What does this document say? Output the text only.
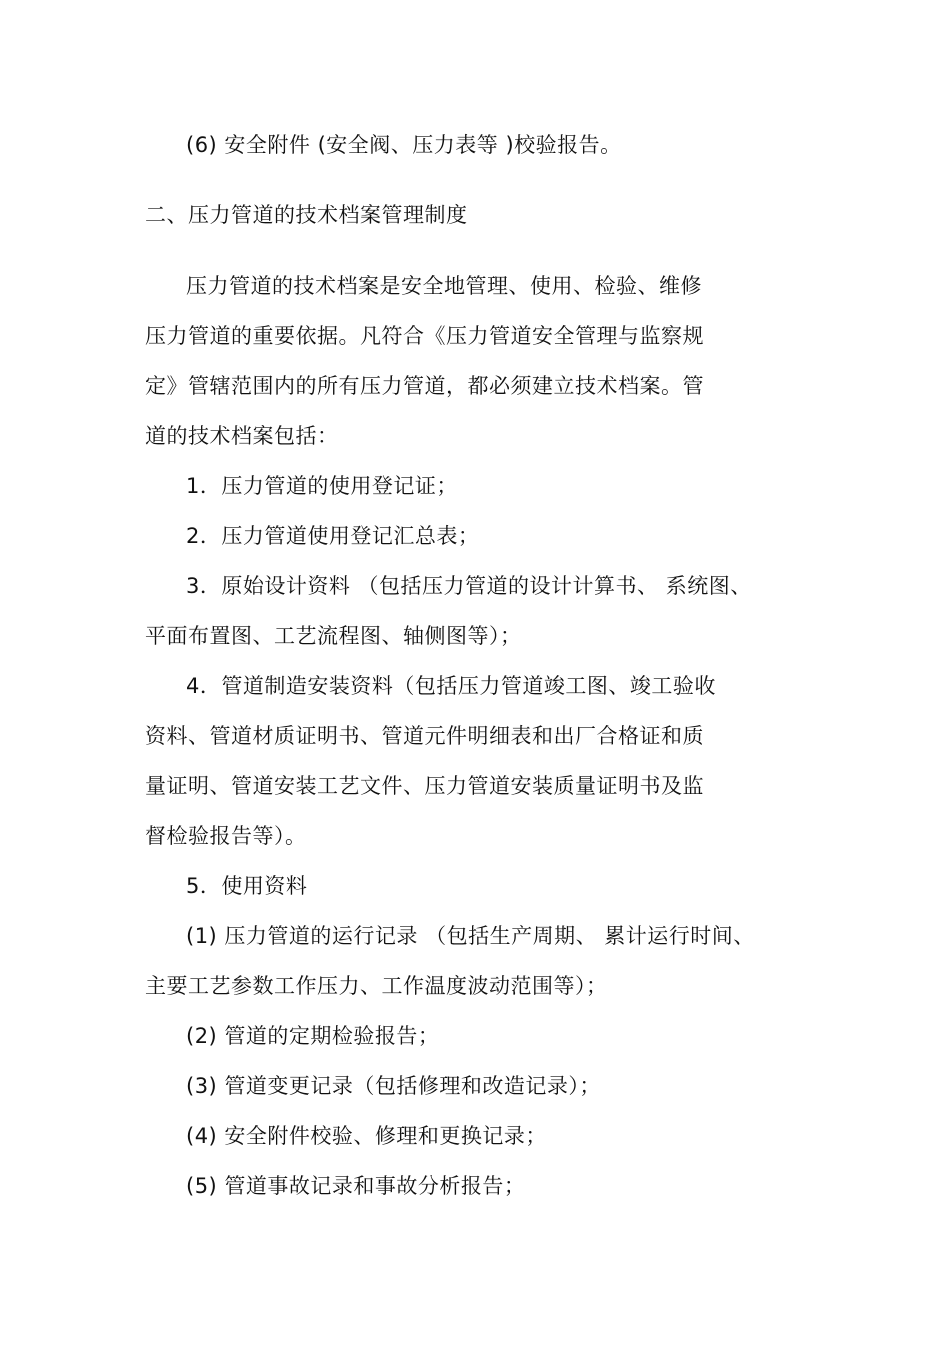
(6) 安全附件 (安全阀、压力表等 )校验报告。
二、压力管道的技术档案管理制度
压力管道的技术档案是安全地管理、使用、检验、维修
压力管道的重要依据。凡符合《压力管道安全管理与监察规
定》管辖范围内的所有压力管道，都必须建立技术档案。管
道的技术档案包括：
1．压力管道的使用登记证；
2．压力管道使用登记汇总表；
3．原始设计资料 （包括压力管道的设计计算书、 系统图、
平面布置图、工艺流程图、轴侧图等）；
4．管道制造安装资料（包括压力管道竣工图、竣工验收
资料、管道材质证明书、管道元件明细表和出厂合格证和质
量证明、管道安装工艺文件、压力管道安装质量证明书及监
督检验报告等）。
5．使用资料
(1) 压力管道的运行记录 （包括生产周期、 累计运行时间、
主要工艺参数工作压力、工作温度波动范围等）；
(2) 管道的定期检验报告；
(3) 管道变更记录（包括修理和改造记录）；
(4) 安全附件校验、修理和更换记录；
(5) 管道事故记录和事故分析报告；
